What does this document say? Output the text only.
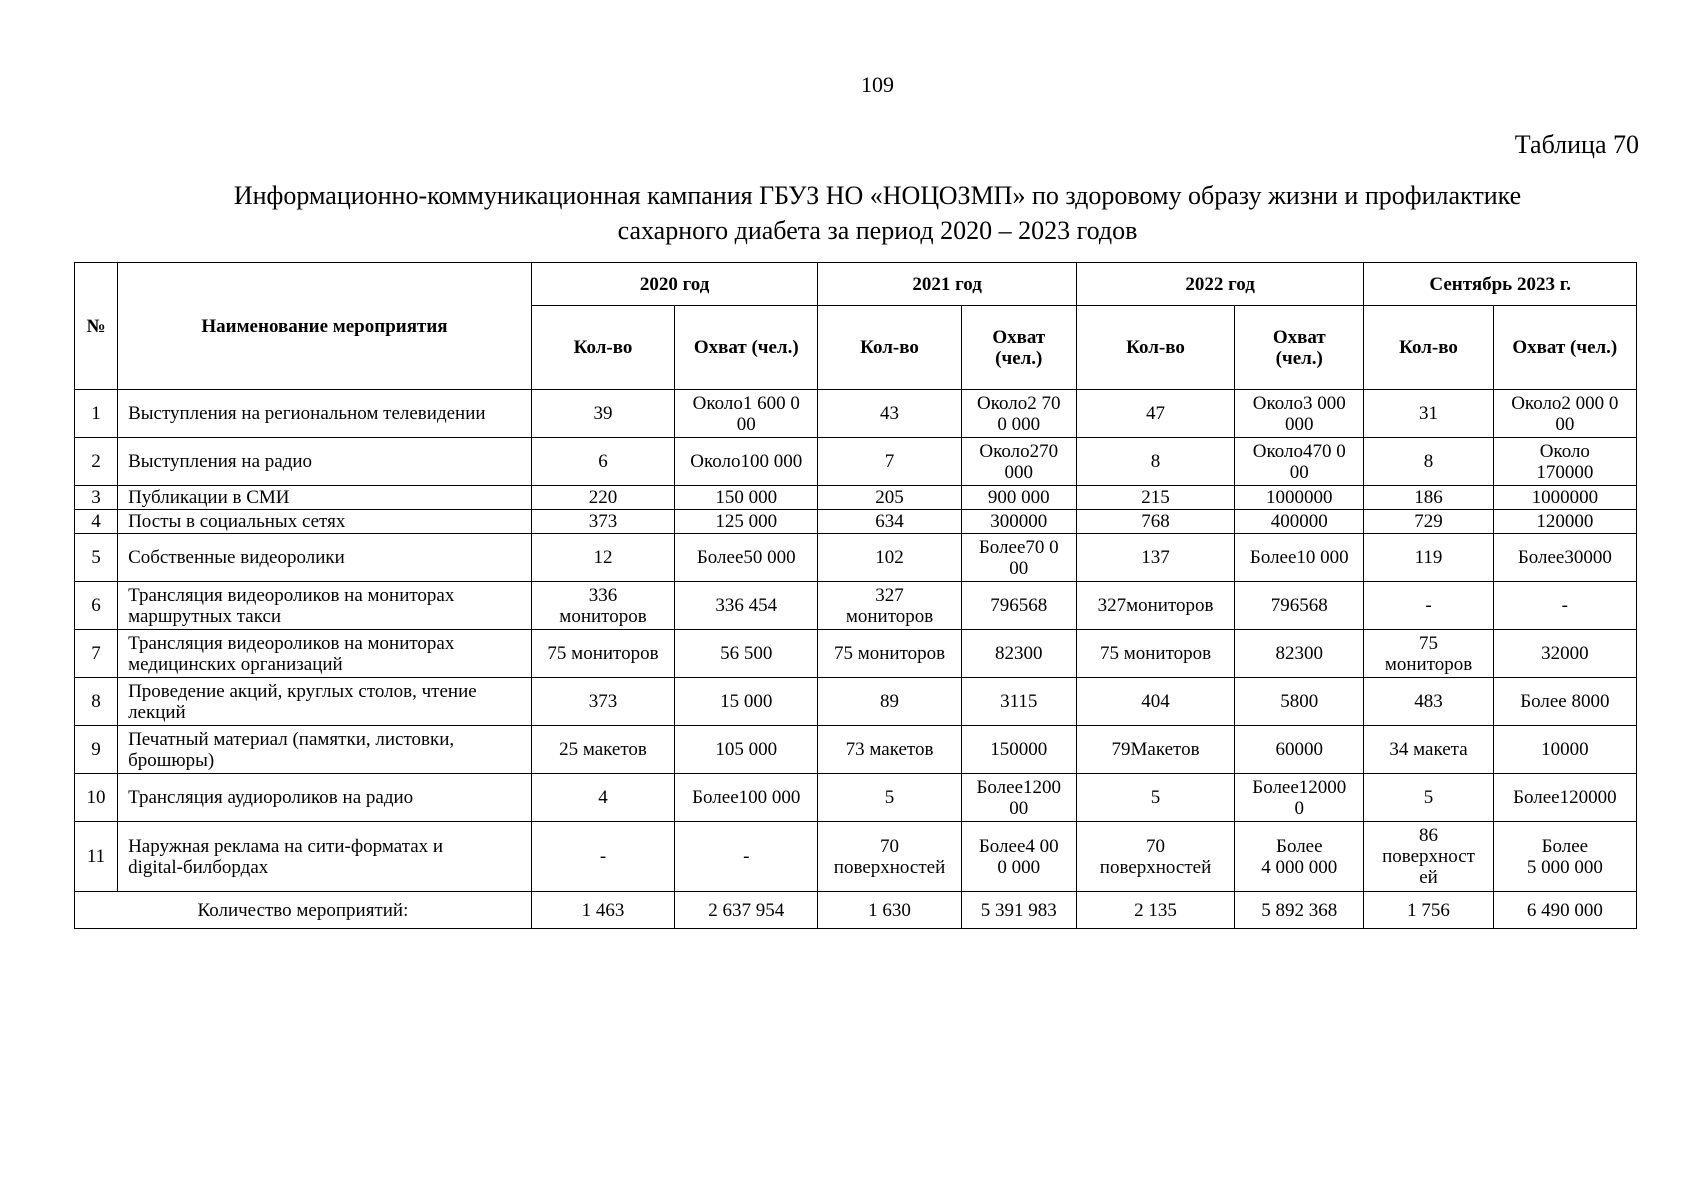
109
Таблица 70
Информационно-коммуникационная кампания ГБУЗ НО «НОЦОЗМП» по здоровому образу жизни и профилактике
сахарного диабета за период 2020 – 2023 годов
№	Наименование мероприятия	2020 год		2021 год		2022 год		Сентябрь 2023 г.	
		Кол-во	Охват (чел.)	Кол-во	Охват
(чел.)	Кол-во	Охват
(чел.)	Кол-во	Охват (чел.)
1	Выступления на региональном телевидении	39	Около1 600 0
00	43	Около2 70
0 000	47	Около3 000
000	31	Около2 000 0
00
2	Выступления на радио	6	Около100 000	7	Около270
000	8	Около470 0
00	8	Около
170000
3	Публикации в СМИ	220	150 000	205	900 000	215	1000000	186	1000000
4	Посты в социальных сетях	373	125 000	634	300000	768	400000	729	120000
5	Собственные видеоролики	12	Более50 000	102	Более70 0
00	137	Более10 000	119	Более30000
6	Трансляция видеороликов на мониторах
маршрутных такси	336
мониторов	336 454	327
мониторов	796568	327мониторов	796568	-	-
7	Трансляция видеороликов на мониторах
медицинских организаций	75 мониторов	56 500	75 мониторов	82300	75 мониторов	82300	75
мониторов	32000
8	Проведение акций, круглых столов, чтение
лекций	373	15 000	89	3115	404	5800	483	Более 8000
9	Печатный материал (памятки, листовки,
брошюры)	25 макетов	105 000	73 макетов	150000	79Макетов	60000	34 макета	10000
10	Трансляция аудиороликов на радио	4	Более100 000	5	Более1200
00	5	Более12000
0	5	Более120000
11	Наружная реклама на сити-форматах и
digital-билбордах	-	-	70
поверхностей	Более4 00
0 000	70
поверхностей	Более
4 000 000	86
поверхност
ей	Более
5 000 000
Количество мероприятий:		1 463	2 637 954	1 630	5 391 983	2 135	5 892 368	1 756	6 490 000
